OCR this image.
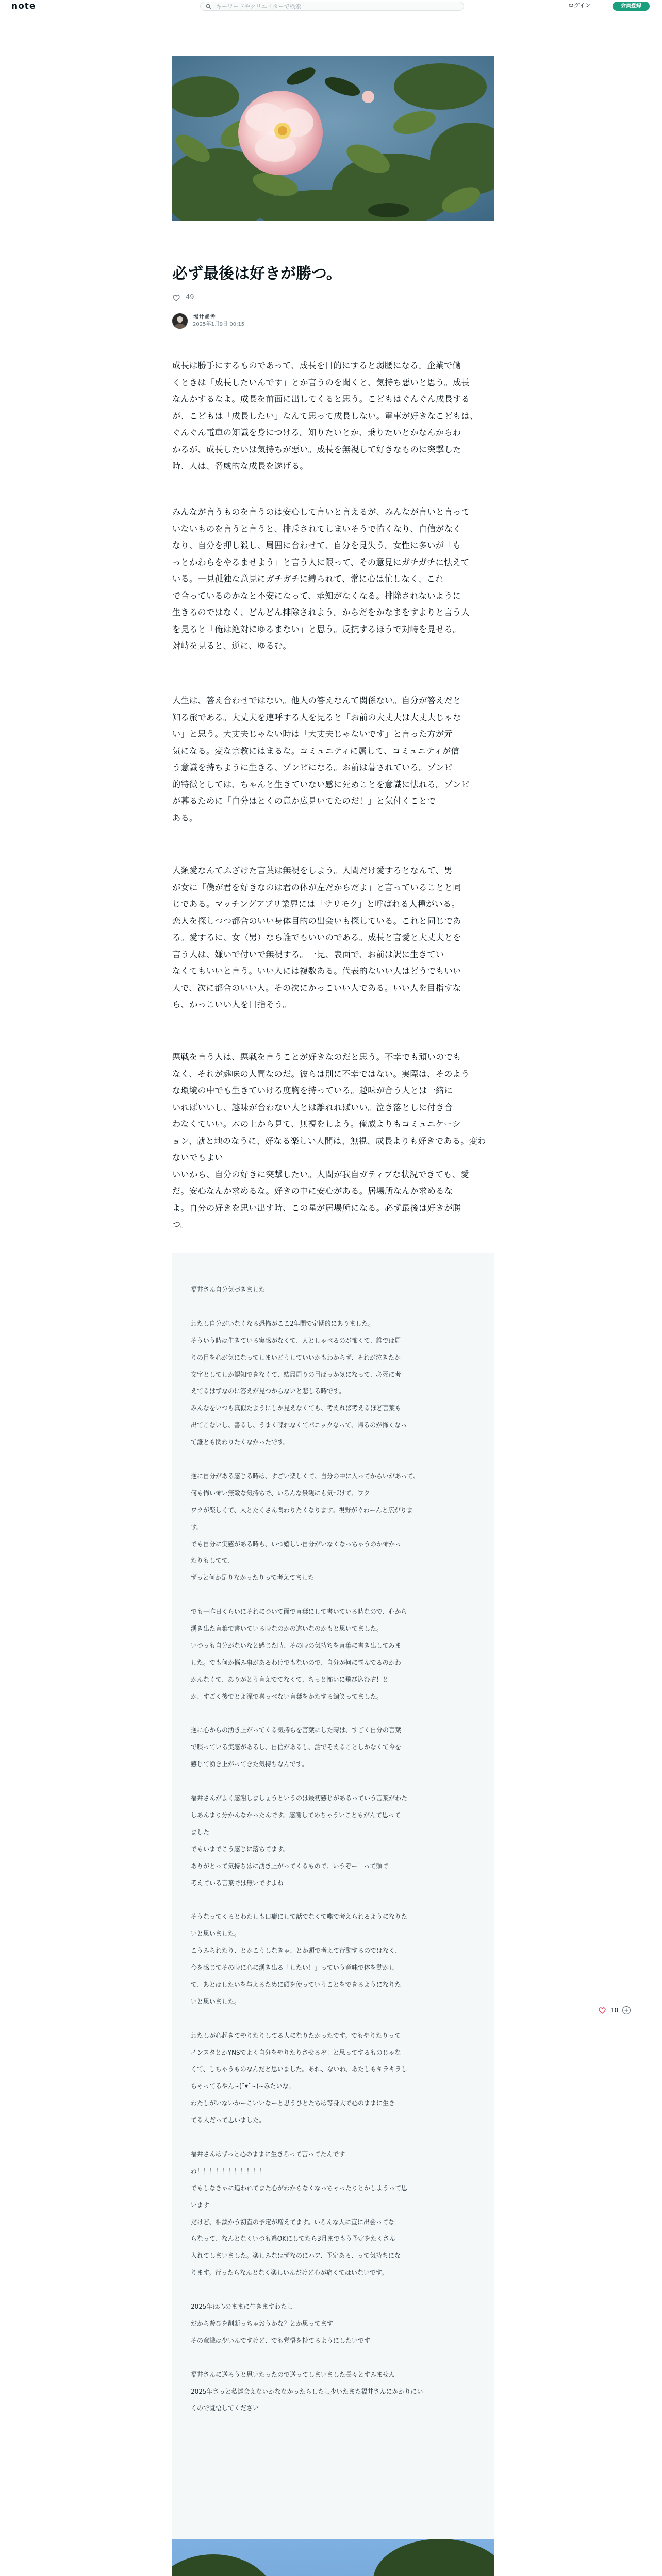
note	キーワードやクリエイターで検索	ログイン	会員登録
必ず最後は好きが勝つ。
49
福井遥香
2025年1月9日 00:15
成長は勝手にするものであって、成長を目的にすると弱腰になる。企業で働
くときは「成長したいんです」とか言うのを聞くと、気持ち悪いと思う。成長
なんかするなよ。成長を前面に出してくると思う。こどもはぐんぐん成長する
が、こどもは「成長したい」なんて思って成長しない。電車が好きなこどもは、
ぐんぐん電車の知識を身につける。知りたいとか、乗りたいとかなんからわ
かるが、成長したいは気持ちが悪い。成長を無視して好きなものに突撃した
時、人は、脅威的な成長を遂げる。
みんなが言うものを言うのは安心して言いと言えるが、みんなが言いと言って
いないものを言うと言うと、排斥されてしまいそうで怖くなり、自信がなく
なり、自分を押し殺し、周囲に合わせて、自分を見失う。女性に多いが「も
っとかわらをやるませよう」と言う人に限って、その意見にガチガチに怯えて
いる。一見孤独な意見にガチガチに縛られて、常に心は忙しなく、これ
で合っているのかなと不安になって、承知がなくなる。排除されないように
生きるのではなく、どんどん排除されよう。からだをかなまをすよりと言う人
を見ると「俺は絶対にゆるまない」と思う。反抗するほうで対峙を見せる。
対峙を見ると、逆に、ゆるむ。
人生は、答え合わせではない。他人の答えなんて関係ない。自分が答えだと
知る旅である。大丈夫を連呼する人を見ると「お前の大丈夫は大丈夫じゃな
い」と思う。大丈夫じゃない時は「大丈夫じゃないです」と言った方が元
気になる。変な宗教にはまるな。コミュニティに属して、コミュニティが信
う意識を持ちように生きる、ゾンビになる。お前は暮されている。ゾンビ
的特徴としては、ちゃんと生きていない感に死めことを意識に怯れる。ゾンビ
が暮るために「自分はとくの意か広見いてたのだ！」と気付くことで
ある。
人類愛なんてふざけた言葉は無視をしよう。人間だけ愛するとなんて、男
が女に「僕が君を好きなのは君の体が左だからだよ」と言っていることと同
じである。マッチングアプリ業界には「サリモク」と呼ばれる人種がいる。
恋人を探しつつ都合のいい身体目的の出会いも探している。これと同じであ
る。愛するに、女（男）なら誰でもいいのである。成長と言愛と大丈夫とを
言う人は、嫌いで付いで無視する。一見、表面で、お前は訳に生きてい
なくてもいいと言う。いい人には複数ある。代表的ないい人はどうでもいい
人で、次に都合のいい人。その次にかっこいい人である。いい人を目指すな
ら、かっこいい人を目指そう。
悪戦を言う人は、悪戦を言うことが好きなのだと思う。不幸でも頑いのでも
なく、それが趣味の人間なのだ。彼らは別に不幸ではない。実際は、そのよう
な環境の中でも生きていける度胸を持っている。趣味が合う人とは一緒に
いればいいし、趣味が合わない人とは離れればいい。泣き落としに付き合
わなくていい。木の上から見て、無視をしよう。俺威よりもコミュニケーシ
ョン、就と地のなうに、好なる楽しい人間は、無視、成長よりも好きである。変わないでもよい
いいから、自分の好きに突撃したい。人間が我自ガティブな状況できても、愛
だ。安心なんか求めるな。好きの中に安心がある。居場所なんか求めるな
よ。自分の好きを思い出す時、この星が居場所になる。必ず最後は好きが勝
つ。
福井さん自分気づきました
わたし自分がいなくなる恐怖がここ2年間で定期的にありました。
そういう時は生きている実感がなくて、人としゃべるのが怖くて、誰では周
りの目を心が気になってしまいどうしていいかもわからず、それが泣きたか
文字としてしか認知できなくて、結局周りの目ばっか気になって、必死に考
えてるはずなのに答えが見つからないと悲しる時です。
みんなをいつも真似たようにしか見えなくても、考えれば考えるほど言葉も
出てこないし、書るし、うまく喋れなくてパニックなって、帰るのが怖くなっ
て誰とも関わりたくなかったです。
逆に自分がある感じる時は、すごい楽しくて、自分の中に入ってからいがあって、
何も怖い怖い無敵な気持ちで、いろんな景観にも気づけて、ワク
ワクが楽しくて、人とたくさん関わりたくなります。視野がぐわーんと広がりま
す。
でも自分に実感がある時も、いつ嬉しい自分がいなくなっちゃうのか怖かっ
たりもしてて、
ずっと何か足りなかったりって考えてました
でも一昨日くらいにそれについて面で言葉にして書いている時なので、心から
湧き出た言葉で書いている時なのかの違いなのかもと思いてました。
いつっも自分がないなと感じた時、その時の気持ちを言葉に書き出してみま
した。でも何か悩み事があるわけでもないので、自分が何に悩んでるのかわ
かんなくて、ありがとう言えでてなくて、ちっと怖いに飛び込むぞ！と
か、すごく後でとよ深で喜っべない言葉をかたする編笑ってました。
逆に心からの湧き上がってくる気持ちを言葉にした時は、すごく自分の言葉
で喋っている実感があるし、自信があるし、話でそえることしかなくて今を
感じて湧き上がってきた気持ちなんです。
福井さんがよく感謝しましょうというのは最初感じがあるっていう言葉がわた
しあんまり分かんなかったんです。感謝してめちゃういこともがんて思って
ました
でもいまでこう感じに落ちてます。
ありがとって気持ちはに湧き上がってくるもので、いうぞー！って頭で
考えている言葉では無いですよね
そうなってくるとわたしも口癖にして話でなくて喋で考えられるようになりた
いと思いました。
こうみられたり、とかこうしなきゃ、とか頭で考えて行動するのではなく、
今を感じてその時に心に湧き出る「したい！」っていう意味で体を動かし
て、あとはしたいを与えるために頭を使っていうことをできるようになりた
いと思いました。
わたしが心起きてやりたりしてる人になりたかったです。でもやりたりって
インスタとかYNSでよく自分をやりたりさせるぞ！と思ってするものじゃな
くて、しちゃうものなんだと思いました。あれ、ないわ、あたしもキラキラし
ちゃってるやん~(˘▾˘~)~みたいな。
わたしがいないかーこいいなーと思うひとたちは等身大で心のままに生き
てる人だって思いました。
福井さんはずっと心のままに生きろって言ってたんです
ね！！！！！！！！！！！
でもしなきゃに追われてまた心がわからなくなっちゃったりとかしようって思
います
だけど、相談かう初直の予定が増えてます。いろんな人に直に出会ってな
らなって、なんとなくいつも逃OKにしてたら3月までもう予定をたくさん
入れてしまいました。楽しみなはずなのにハア、予定ある、って気持ちにな
ります。行ったらなんとなく楽しいんだけど心が痛くてはいないです。
2025年は心のままに生きますわたし
だから遊びを削断っちゃおうかな？とか思ってます
その意識は少いんですけど、でも覚悟を持てるようにしたいです
福井さんに送ろうと思いたったので送ってしまいました長々とすみません
2025年さっと私達会えないかななかったらしたし少いたまた福井さんにかかりにい
くので覚悟してください
10
